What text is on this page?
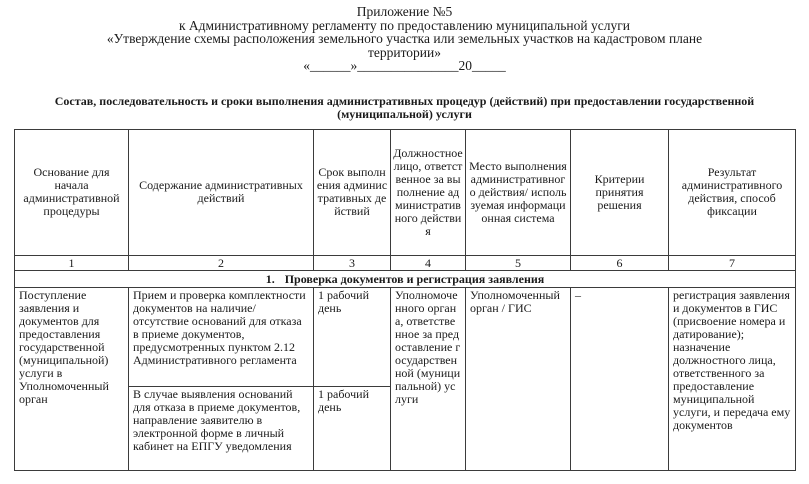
Приложение №5
к Административному регламенту по предоставлению муниципальной услуги
«Утверждение схемы расположения земельного участка или земельных участков на кадастровом плане территории»
«______»_______________20_____
Состав, последовательность и сроки выполнения административных процедур (действий) при предоставлении государственной (муниципальной) услуги
Основание для начала административной процедуры	Содержание административных действий	Срок выполнения административных действий	Должностное лицо, ответственное за выполнение административного действия	Место выполнения административного действия/ используемая информационная система	Критерии принятия решения	Результат административного действия, способ фиксации
1	2	3	4	5	6	7
1. Проверка документов и регистрация заявления						
Поступление заявления и документов для предоставления государственной (муниципальной) услуги в Уполномоченный орган	Прием и проверка комплектности документов на наличие/отсутствие оснований для отказа в приеме документов, предусмотренных пунктом 2.12 Административного регламента	1 рабочий день	Уполномоченного органа, ответственное за предоставление государственной (муниципальной) услуги	Уполномоченный орган / ГИС	–	регистрация заявления и документов в ГИС (присвоение номера и датирование); назначение должностного лица, ответственного за предоставление муниципальной услуги, и передача ему документов
	В случае выявления оснований для отказа в приеме документов, направление заявителю в электронной форме в личный кабинет на ЕПГУ уведомления	1 рабочий день				
